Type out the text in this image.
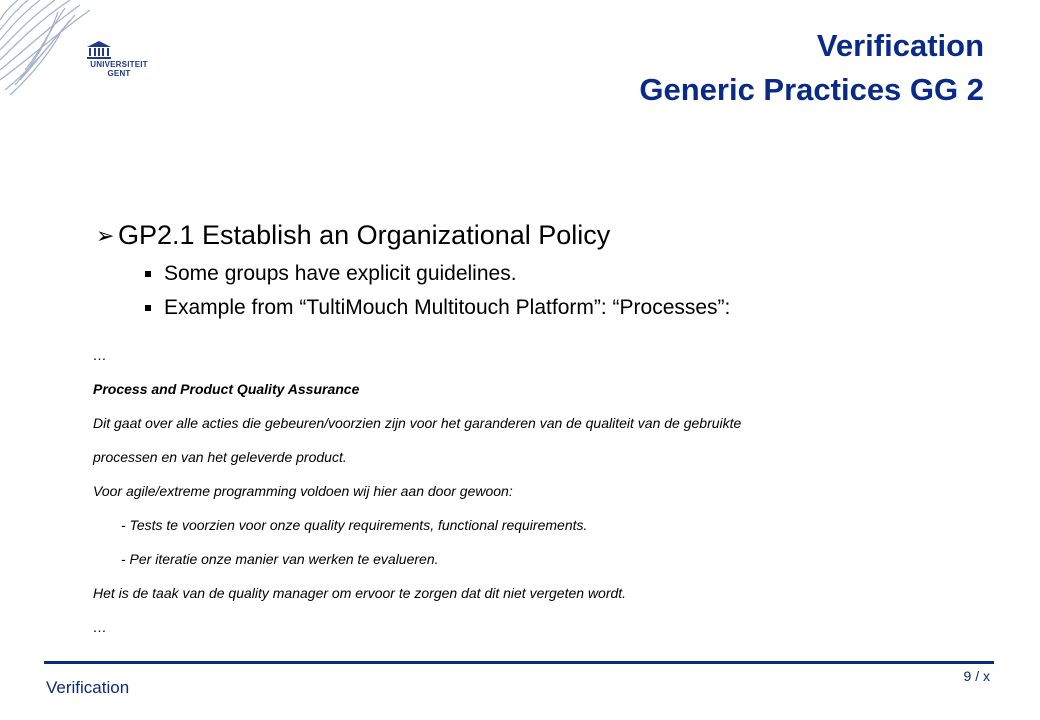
UNIVERSITEIT
GENT
Verification
Generic Practices GG 2
➢ GP2.1 Establish an Organizational Policy
Some groups have explicit guidelines.
Example from “TultiMouch Multitouch Platform”: “Processes”:
…
Process and Product Quality Assurance
Dit gaat over alle acties die gebeuren/voorzien zijn voor het garanderen van de qualiteit van de gebruikte
processen en van het geleverde product.
Voor agile/extreme programming voldoen wij hier aan door gewoon:
- Tests te voorzien voor onze quality requirements, functional requirements.
- Per iteratie onze manier van werken te evalueren.
Het is de taak van de quality manager om ervoor te zorgen dat dit niet vergeten wordt.
…
Verification
9 / x
